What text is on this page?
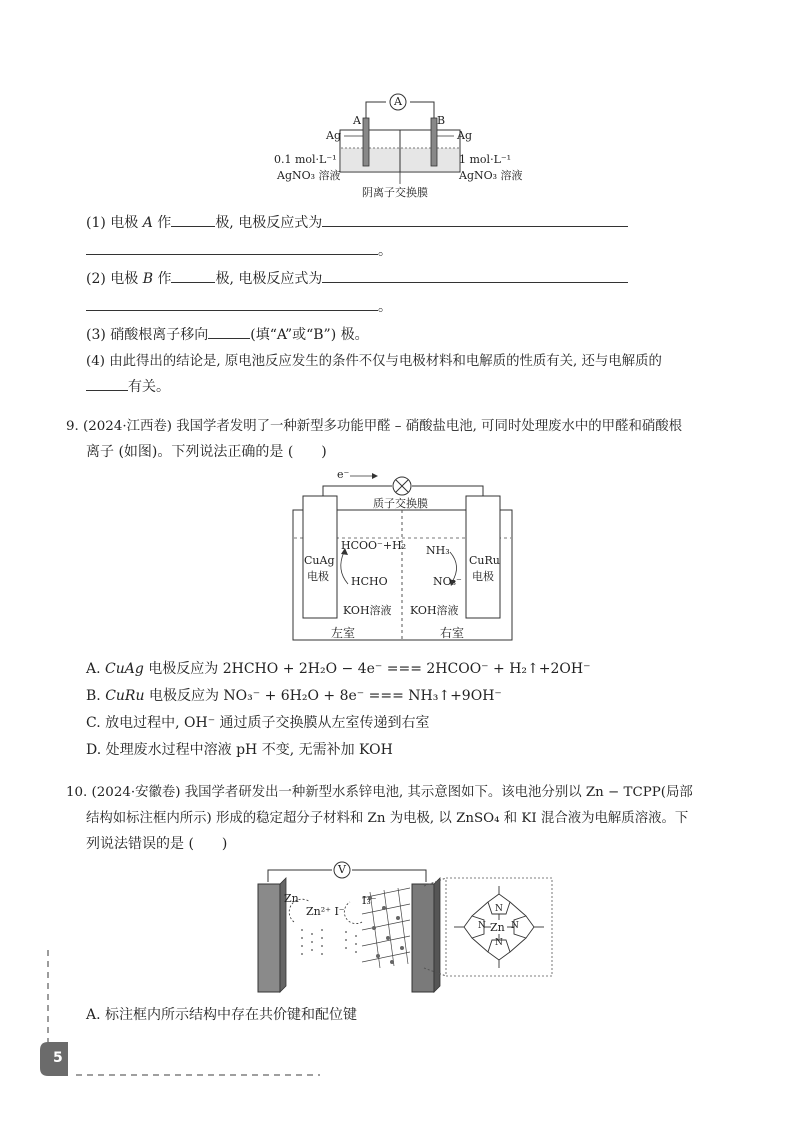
A
A	B
Ag	Ag
0.1 mol·L⁻¹
AgNO₃ 溶液
1 mol·L⁻¹
AgNO₃ 溶液
阴离子交换膜
(1) 电极 A 作	极, 电极反应式为
。
(2) 电极 B 作	极, 电极反应式为
。
(3) 硝酸根离子移向	(填“A”或“B”) 极。
(4) 由此得出的结论是, 原电池反应发生的条件不仅与电极材料和电解质的性质有关, 还与电解质的
有关。
9. (2024·江西卷) 我国学者发明了一种新型多功能甲醛 – 硝酸盐电池, 可同时处理废水中的甲醛和硝酸根
离子 (如图)。下列说法正确的是 (　　)
e⁻
质子交换膜
CuAg
电极
HCOO⁻+H₂
HCHO
KOH溶液
NH₃
NO₃⁻
KOH溶液
CuRu
电极
左室	右室
A. CuAg 电极反应为 2HCHO + 2H₂O − 4e⁻ === 2HCOO⁻ + H₂↑+2OH⁻
B. CuRu 电极反应为 NO₃⁻ + 6H₂O + 8e⁻ === NH₃↑+9OH⁻
C. 放电过程中, OH⁻ 通过质子交换膜从左室传递到右室
D. 处理废水过程中溶液 pH 不变, 无需补加 KOH
10. (2024·安徽卷) 我国学者研发出一种新型水系锌电池, 其示意图如下。该电池分别以 Zn − TCPP(局部
结构如标注框内所示) 形成的稳定超分子材料和 Zn 为电极, 以 ZnSO₄ 和 KI 混合液为电解质溶液。下
列说法错误的是 (　　)
V
Zn
Zn²⁺ I⁻
I₃⁻
Zn
N
N
N	N
A. 标注框内所示结构中存在共价键和配位键
5
